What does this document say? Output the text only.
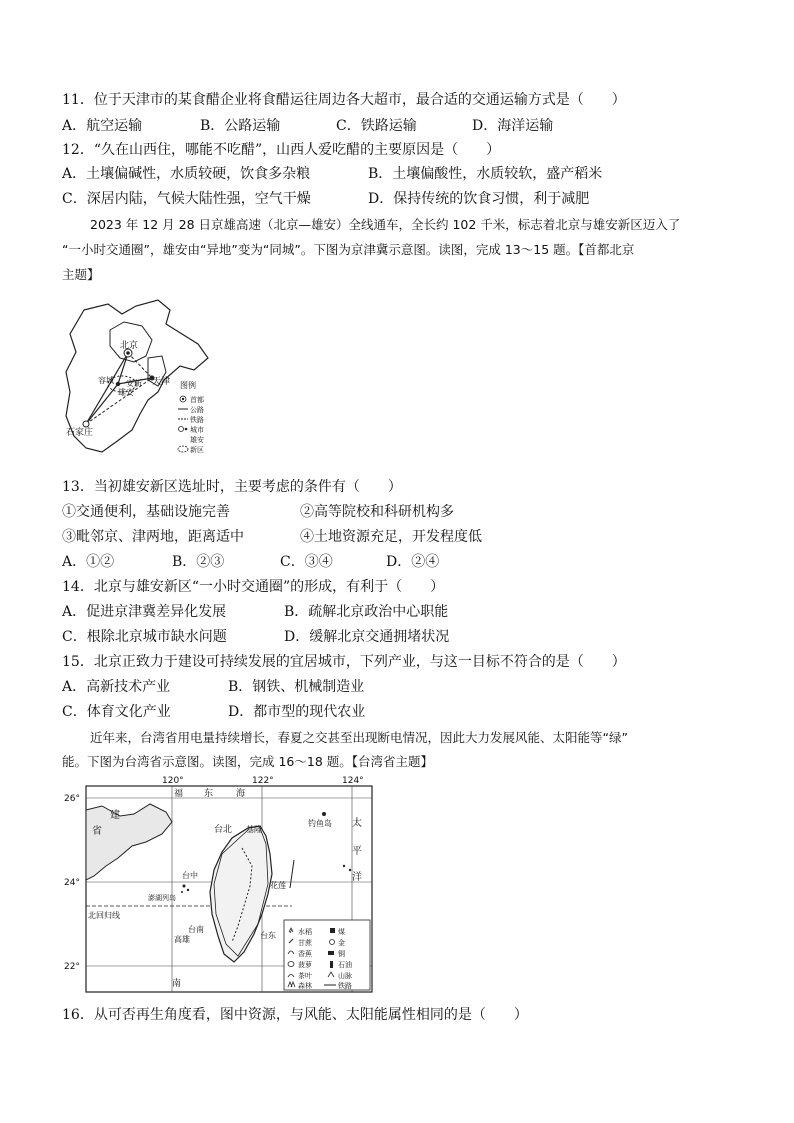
11．位于天津市的某食醋企业将食醋运往周边各大超市，最合适的交通运输方式是（　　）
A．航空运输	B．公路运输	C．铁路运输	D．海洋运输
12．“久在山西住，哪能不吃醋”，山西人爱吃醋的主要原因是（　　）
A．土壤偏碱性，水质较硬，饮食多杂粮	B．土壤偏酸性，水质较软，盛产稻米
C．深居内陆，气候大陆性强，空气干燥	D．保持传统的饮食习惯，利于减肥
2023 年 12 月 28 日京雄高速（北京—雄安）全线通车，全长约 102 千米，标志着北京与雄安新区迈入了
“一小时交通圈”，雄安由“异地”变为“同城”。下图为京津冀示意图。读图，完成 13～15 题。【首都北京
主题】
北京
天津
石家庄
容城
雄安
安新	图例
首都
公路
铁路
城市
雄安
新区
13．当初雄安新区选址时，主要考虑的条件有（　　）
①交通便利，基础设施完善	②高等院校和科研机构多
③毗邻京、津两地，距离适中	④土地资源充足，开发程度低
A．①②	B．②③	C．③④	D．②④
14．北京与雄安新区“一小时交通圈”的形成，有利于（　　）
A．促进京津冀差异化发展	B．疏解北京政治中心职能
C．根除北京城市缺水问题	D．缓解北京交通拥堵状况
15．北京正致力于建设可持续发展的宜居城市，下列产业，与这一目标不符合的是（　　）
A．高新技术产业	B．钢铁、机械制造业
C．体育文化产业	D．都市型的现代农业
近年来，台湾省用电量持续增长，春夏之交甚至出现断电情况，因此大力发展风能、太阳能等“绿”
能。下图为台湾省示意图。读图，完成 16～18 题。【台湾省主题】
福
建
省
东	海
台北 基隆
钓鱼岛 太
平
洋
台中
澎湖列岛
花莲
北回归线
台南
高雄	台东
南
120°	122°	124°
26°
24°
22°
水稻	煤
甘蔗	金
香蕉	铜
菠萝	石油
茶叶	山脉
森林	铁路
16．从可否再生角度看，图中资源，与风能、太阳能属性相同的是（　　）
